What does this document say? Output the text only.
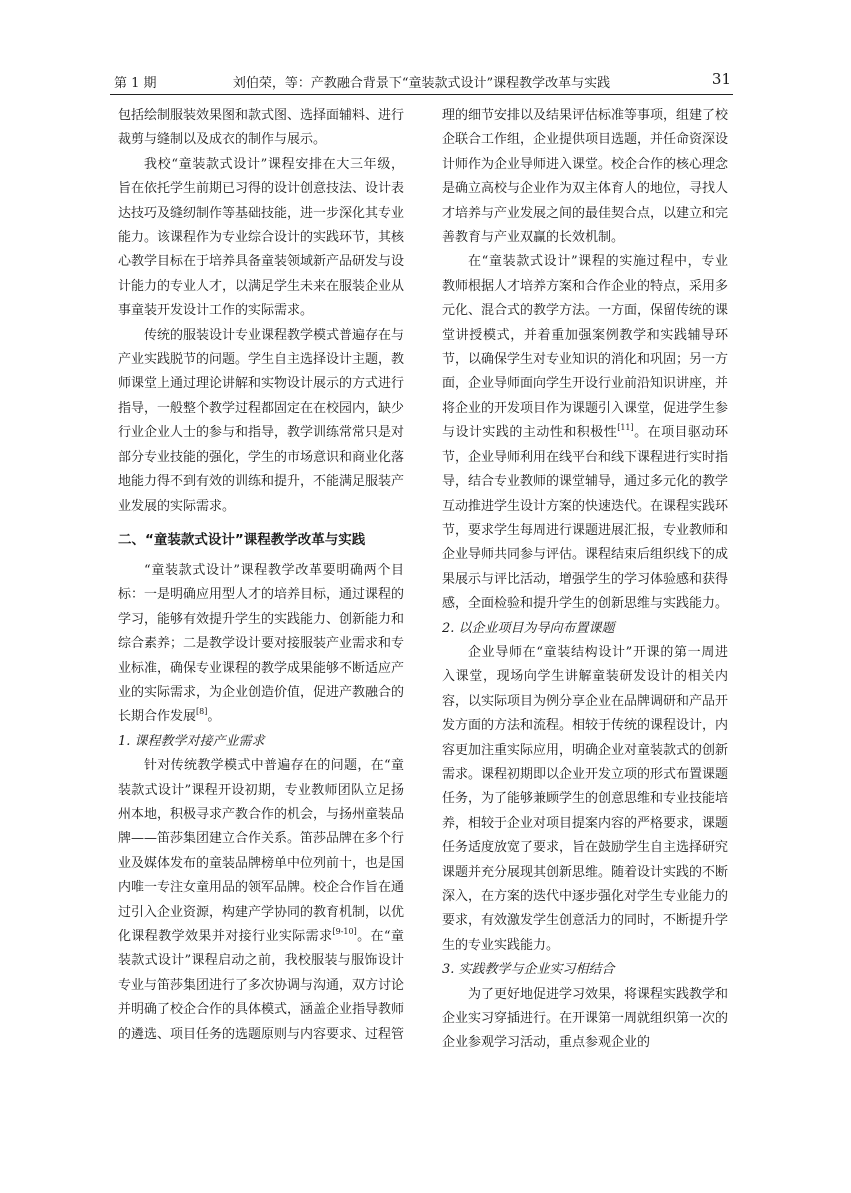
第 1 期	刘伯荣，等：产教融合背景下“童装款式设计”课程教学改革与实践	31

包括绘制服装效果图和款式图、选择面辅料、进行裁剪与缝制以及成衣的制作与展示。

我校“童装款式设计”课程安排在大三年级，旨在依托学生前期已习得的设计创意技法、设计表达技巧及缝纫制作等基础技能，进一步深化其专业能力。该课程作为专业综合设计的实践环节，其核心教学目标在于培养具备童装领域新产品研发与设计能力的专业人才，以满足学生未来在服装企业从事童装开发设计工作的实际需求。

传统的服装设计专业课程教学模式普遍存在与产业实践脱节的问题。学生自主选择设计主题，教师课堂上通过理论讲解和实物设计展示的方式进行指导，一般整个教学过程都固定在在校园内，缺少行业企业人士的参与和指导，教学训练常常只是对部分专业技能的强化，学生的市场意识和商业化落地能力得不到有效的训练和提升，不能满足服装产业发展的实际需求。

二、“童装款式设计”课程教学改革与实践

“童装款式设计”课程教学改革要明确两个目标：一是明确应用型人才的培养目标，通过课程的学习，能够有效提升学生的实践能力、创新能力和综合素养；二是教学设计要对接服装产业需求和专业标准，确保专业课程的教学成果能够不断适应产业的实际需求，为企业创造价值，促进产教融合的长期合作发展[8]。

1. 课程教学对接产业需求

针对传统教学模式中普遍存在的问题，在“童装款式设计”课程开设初期，专业教师团队立足扬州本地，积极寻求产教合作的机会，与扬州童装品牌——笛莎集团建立合作关系。笛莎品牌在多个行业及媒体发布的童装品牌榜单中位列前十，也是国内唯一专注女童用品的领军品牌。校企合作旨在通过引入企业资源，构建产学协同的教育机制，以优化课程教学效果并对接行业实际需求[9-10]。在“童装款式设计”课程启动之前，我校服装与服饰设计专业与笛莎集团进行了多次协调与沟通，双方讨论并明确了校企合作的具体模式，涵盖企业指导教师的遴选、项目任务的选题原则与内容要求、过程管

理的细节安排以及结果评估标准等事项，组建了校企联合工作组，企业提供项目选题，并任命资深设计师作为企业导师进入课堂。校企合作的核心理念是确立高校与企业作为双主体育人的地位，寻找人才培养与产业发展之间的最佳契合点，以建立和完善教育与产业双赢的长效机制。

在“童装款式设计”课程的实施过程中，专业教师根据人才培养方案和合作企业的特点，采用多元化、混合式的教学方法。一方面，保留传统的课堂讲授模式，并着重加强案例教学和实践辅导环节，以确保学生对专业知识的消化和巩固；另一方面，企业导师面向学生开设行业前沿知识讲座，并将企业的开发项目作为课题引入课堂，促进学生参与设计实践的主动性和积极性[11]。在项目驱动环节，企业导师利用在线平台和线下课程进行实时指导，结合专业教师的课堂辅导，通过多元化的教学互动推进学生设计方案的快速迭代。在课程实践环节，要求学生每周进行课题进展汇报，专业教师和企业导师共同参与评估。课程结束后组织线下的成果展示与评比活动，增强学生的学习体验感和获得感，全面检验和提升学生的创新思维与实践能力。

2. 以企业项目为导向布置课题

企业导师在“童装结构设计”开课的第一周进入课堂，现场向学生讲解童装研发设计的相关内容，以实际项目为例分享企业在品牌调研和产品开发方面的方法和流程。相较于传统的课程设计，内容更加注重实际应用，明确企业对童装款式的创新需求。课程初期即以企业开发立项的形式布置课题任务，为了能够兼顾学生的创意思维和专业技能培养，相较于企业对项目提案内容的严格要求，课题任务适度放宽了要求，旨在鼓励学生自主选择研究课题并充分展现其创新思维。随着设计实践的不断深入，在方案的迭代中逐步强化对学生专业能力的要求，有效激发学生创意活力的同时，不断提升学生的专业实践能力。

3. 实践教学与企业实习相结合

为了更好地促进学习效果，将课程实践教学和企业实习穿插进行。在开课第一周就组织第一次的企业参观学习活动，重点参观企业的
